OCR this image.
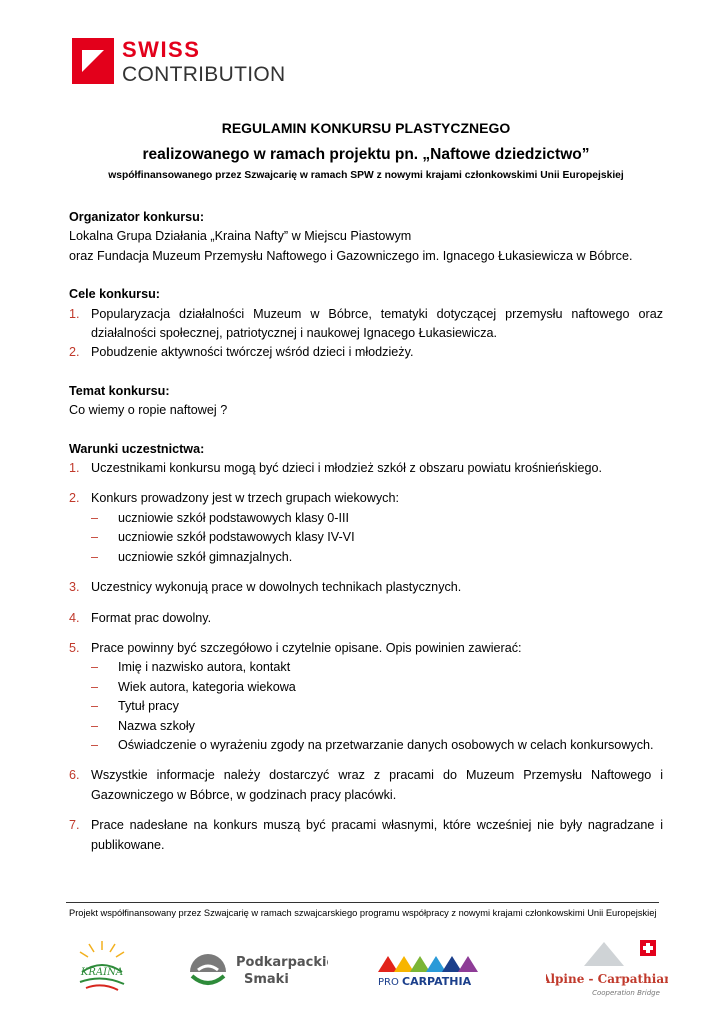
SWISS
CONTRIBUTION
REGULAMIN KONKURSU PLASTYCZNEGO
realizowanego w ramach projektu pn. „Naftowe dziedzictwo”
współfinansowanego przez Szwajcarię w ramach SPW z nowymi krajami członkowskimi Unii Europejskiej
Organizator konkursu:
Lokalna Grupa Działania „Kraina Nafty” w Miejscu Piastowym
oraz Fundacja Muzeum Przemysłu Naftowego i Gazowniczego im. Ignacego Łukasiewicza w Bóbrce.
Cele konkursu:
1. Popularyzacja działalności Muzeum w Bóbrce, tematyki dotyczącej przemysłu naftowego oraz działalności społecznej, patriotycznej i naukowej Ignacego Łukasiewicza.
2. Pobudzenie aktywności twórczej wśród dzieci i młodzieży.
Temat konkursu:
Co wiemy o ropie naftowej ?
Warunki uczestnictwa:
1. Uczestnikami konkursu mogą być dzieci i młodzież szkół z obszaru powiatu krośnieńskiego.
2. Konkurs prowadzony jest w trzech grupach wiekowych:
–	uczniowie szkół podstawowych klasy 0-III
–	uczniowie szkół podstawowych klasy IV-VI
–	uczniowie szkół gimnazjalnych.
3. Uczestnicy wykonują prace w dowolnych technikach plastycznych.
4. Format prac dowolny.
5. Prace powinny być szczegółowo i czytelnie opisane. Opis powinien zawierać:
–	Imię i nazwisko autora, kontakt
–	Wiek autora, kategoria wiekowa
–	Tytuł pracy
–	Nazwa szkoły
–	Oświadczenie o wyrażeniu zgody na przetwarzanie danych osobowych w celach konkursowych.
6. Wszystkie informacje należy dostarczyć wraz z pracami do Muzeum Przemysłu Naftowego i Gazowniczego w Bóbrce, w godzinach pracy placówki.
7. Prace nadesłane na konkurs muszą być pracami własnymi, które wcześniej nie były nagradzane i publikowane.
Projekt współfinansowany przez Szwajcarię w ramach szwajcarskiego programu współpracy z nowymi krajami członkowskimi Unii Europejskiej
KRAINA
Podkarpackie
Smaki	PRO CARPATHIA	Alpine - Carpathian
Cooperation Bridge
